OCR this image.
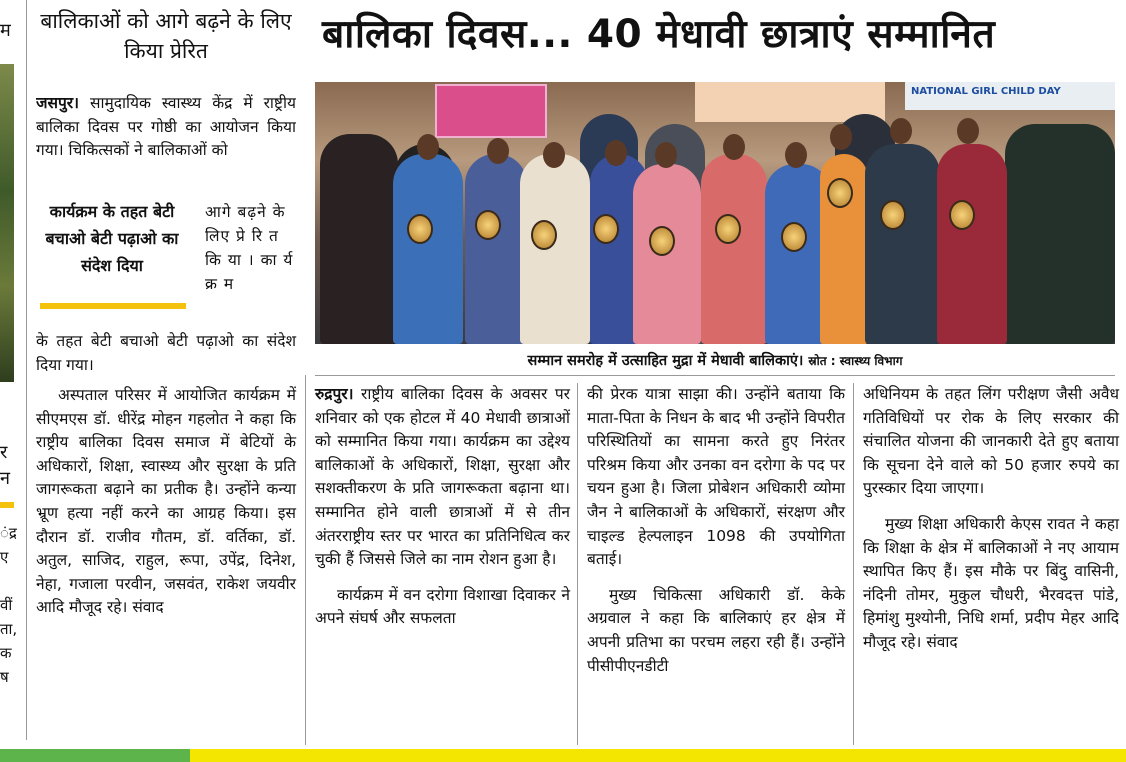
म
र
न
ंद्र
ए
वीं
ता,
क
ष
बालिकाओं को आगे बढ़ने के लिए किया प्रेरित

जसपुर। सामुदायिक स्वास्थ्य केंद्र में राष्ट्रीय बालिका दिवस पर गोष्ठी का आयोजन किया गया। चिकित्सकों ने बालिकाओं को

कार्यक्रम के तहत बेटी बचाओ बेटी पढ़ाओ का संदेश दिया
आगे बढ़ने के लिए प्रे रि त कि या । का र्य क्र म
के तहत बेटी बचाओ बेटी पढ़ाओ का संदेश दिया गया।
अस्पताल परिसर में आयोजित कार्यक्रम में सीएमएस डॉ. धीरेंद्र मोहन गहलोत ने कहा कि राष्ट्रीय बालिका दिवस समाज में बेटियों के अधिकारों, शिक्षा, स्वास्थ्य और सुरक्षा के प्रति जागरूकता बढ़ाने का प्रतीक है। उन्होंने कन्या भ्रूण हत्या नहीं करने का आग्रह किया। इस दौरान डॉ. राजीव गौतम, डॉ. वर्तिका, डॉ. अतुल, साजिद, राहुल, रूपा, उपेंद्र, दिनेश, नेहा, गजाला परवीन, जसवंत, राकेश जयवीर आदि मौजूद रहे। संवाद
बालिका दिवस... 40 मेधावी छात्राएं सम्मानित
NATIONAL GIRL CHILD DAY
सम्मान समरोह में उत्साहित मुद्रा में मेधावी बालिकाएं। स्रोत : स्वास्थ्य विभाग
रुद्रपुर। राष्ट्रीय बालिका दिवस के अवसर पर शनिवार को एक होटल में 40 मेधावी छात्राओं को सम्मानित किया गया। कार्यक्रम का उद्देश्य बालिकाओं के अधिकारों, शिक्षा, सुरक्षा और सशक्तीकरण के प्रति जागरूकता बढ़ाना था। सम्मानित होने वाली छात्राओं में से तीन अंतरराष्ट्रीय स्तर पर भारत का प्रतिनिधित्व कर चुकी हैं जिससे जिले का नाम रोशन हुआ है।
कार्यक्रम में वन दरोगा विशाखा दिवाकर ने अपने संघर्ष और सफलता
की प्रेरक यात्रा साझा की। उन्होंने बताया कि माता-पिता के निधन के बाद भी उन्होंने विपरीत परिस्थितियों का सामना करते हुए निरंतर परिश्रम किया और उनका वन दरोगा के पद पर चयन हुआ है। जिला प्रोबेशन अधिकारी व्योमा जैन ने बालिकाओं के अधिकारों, संरक्षण और चाइल्ड हेल्पलाइन 1098 की उपयोगिता बताई।
मुख्य चिकित्सा अधिकारी डॉ. केके अग्रवाल ने कहा कि बालिकाएं हर क्षेत्र में अपनी प्रतिभा का परचम लहरा रही हैं। उन्होंने पीसीपीएनडीटी
अधिनियम के तहत लिंग परीक्षण जैसी अवैध गतिविधियों पर रोक के लिए सरकार की संचालित योजना की जानकारी देते हुए बताया कि सूचना देने वाले को 50 हजार रुपये का पुरस्कार दिया जाएगा।
मुख्य शिक्षा अधिकारी केएस रावत ने कहा कि शिक्षा के क्षेत्र में बालिकाओं ने नए आयाम स्थापित किए हैं। इस मौके पर बिंदु वासिनी, नंदिनी तोमर, मुकुल चौधरी, भैरवदत्त पांडे, हिमांशु मुश्योनी, निधि शर्मा, प्रदीप मेहर आदि मौजूद रहे। संवाद
